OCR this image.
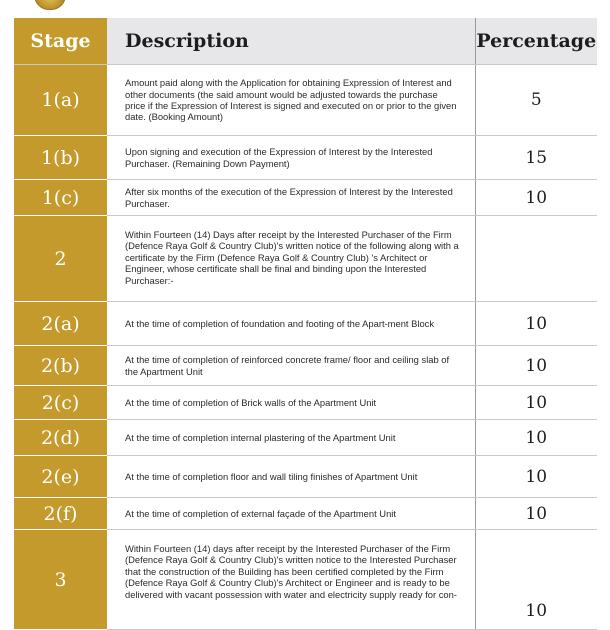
Stage	Description	Percentage
1(a)	Amount paid along with the Application for obtaining Expression of Interest and other documents (the said amount would be adjusted towards the purchase price if the Expression of Interest is signed and executed on or prior to the given date. (Booking Amount)	5
1(b)	Upon signing and execution of the Expression of Interest by the Interested Purchaser. (Remaining Down Payment)	15
1(c)	After six months of the execution of the Expression of Interest by the Interested Purchaser.	10
2	Within Fourteen (14) Days after receipt by the Interested Purchaser of the Firm (Defence Raya Golf & Country Club)'s written notice of the following along with a certificate by the Firm (Defence Raya Golf & Country Club) 's Architect or Engineer, whose certificate shall be final and binding upon the Interested Purchaser:-	
2(a)	At the time of completion of foundation and footing of the Apart-ment Block	10
2(b)	At the time of completion of reinforced concrete frame/ floor and ceiling slab of the Apartment Unit	10
2(c)	At the time of completion of Brick walls of the Apartment Unit	10
2(d)	At the time of completion internal plastering of the Apartment Unit	10
2(e)	At the time of completion floor and wall tiling finishes of Apartment Unit	10
2(f)	At the time of completion of external façade of the Apartment Unit	10
3	Within Fourteen (14) days after receipt by the Interested Purchaser of the Firm (Defence Raya Golf & Country Club)'s written notice to the Interested Purchaser that the construction of the Building has been certified completed by the Firm (Defence Raya Golf & Country Club)'s Architect or Engineer and is ready to be delivered with vacant possession with water and electricity supply ready for con-	10
